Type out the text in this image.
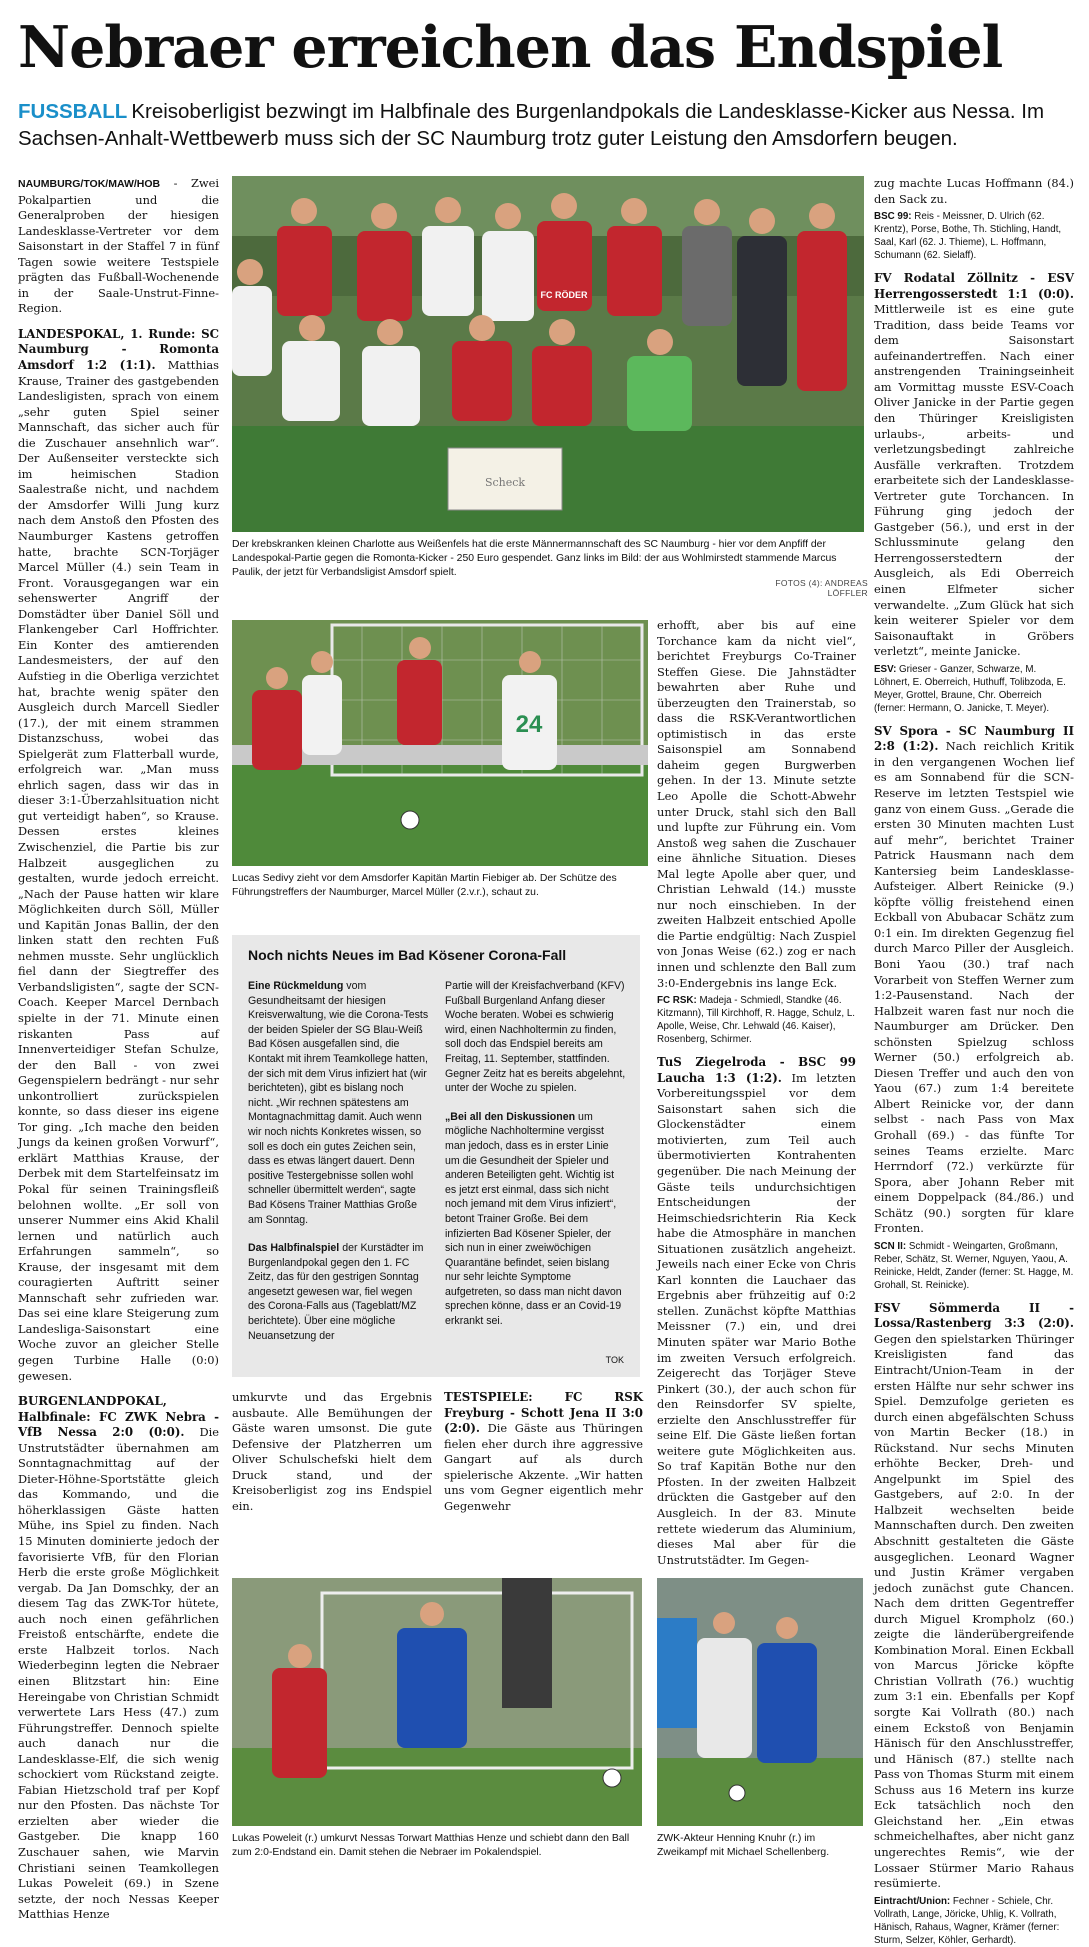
Nebraer erreichen das Endspiel

FUSSBALL Kreisoberligist bezwingt im Halbfinale des Burgenlandpokals die Landesklasse-Kicker aus Nessa. Im Sachsen-Anhalt-Wettbewerb muss sich der SC Naumburg trotz guter Leistung den Amsdorfern beugen.

NAUMBURG/TOK/MAW/HOB - Zwei Pokalpartien und die Generalproben der hiesigen Landesklasse-Vertreter vor dem Saisonstart in der Staffel 7 in fünf Tagen sowie weitere Testspiele prägten das Fußball-Wochenende in der Saale-Unstrut-Finne-Region.

LANDESPOKAL, 1. Runde: SC Naumburg - Romonta Amsdorf 1:2 (1:1). Matthias Krause, Trainer des gastgebenden Landesligisten, sprach von einem „sehr guten Spiel seiner Mannschaft, das sicher auch für die Zuschauer ansehnlich war“. Der Außenseiter versteckte sich im heimischen Stadion Saalestraße nicht, und nachdem der Amsdorfer Willi Jung kurz nach dem Anstoß den Pfosten des Naumburger Kastens getroffen hatte, brachte SCN-Torjäger Marcel Müller (4.) sein Team in Front. Vorausgegangen war ein sehenswerter Angriff der Domstädter über Daniel Söll und Flankengeber Carl Hoffrichter. Ein Konter des amtierenden Landesmeisters, der auf den Aufstieg in die Oberliga verzichtet hat, brachte wenig später den Ausgleich durch Marcell Siedler (17.), der mit einem strammen Distanzschuss, wobei das Spielgerät zum Flatterball wurde, erfolgreich war. „Man muss ehrlich sagen, dass wir das in dieser 3:1-Überzahlsituation nicht gut verteidigt haben“, so Krause. Dessen erstes kleines Zwischenziel, die Partie bis zur Halbzeit ausgeglichen zu gestalten, wurde jedoch erreicht. „Nach der Pause hatten wir klare Möglichkeiten durch Söll, Müller und Kapitän Jonas Ballin, der den linken statt den rechten Fuß nehmen musste. Sehr unglücklich fiel dann der Siegtreffer des Verbandsligisten“, sagte der SCN-Coach. Keeper Marcel Dernbach spielte in der 71. Minute einen riskanten Pass auf Innenverteidiger Stefan Schulze, der den Ball - von zwei Gegenspielern bedrängt - nur sehr unkontrolliert zurückspielen konnte, so dass dieser ins eigene Tor ging. „Ich mache den beiden Jungs da keinen großen Vorwurf“, erklärt Matthias Krause, der Derbek mit dem Startelfeinsatz im Pokal für seinen Trainingsfleiß belohnen wollte. „Er soll von unserer Nummer eins Akid Khalil lernen und natürlich auch Erfahrungen sammeln“, so Krause, der insgesamt mit dem couragierten Auftritt seiner Mannschaft sehr zufrieden war. Das sei eine klare Steigerung zum Landesliga-Saisonstart eine Woche zuvor an gleicher Stelle gegen Turbine Halle (0:0) gewesen.

BURGENLANDPOKAL, Halbfinale: FC ZWK Nebra - VfB Nessa 2:0 (0:0). Die Unstrutstädter übernahmen am Sonntagnachmittag auf der Dieter-Höhne-Sportstätte gleich das Kommando, und die höherklassigen Gäste hatten Mühe, ins Spiel zu finden. Nach 15 Minuten dominierte jedoch der favorisierte VfB, für den Florian Herb die erste große Möglichkeit vergab. Da Jan Domschky, der an diesem Tag das ZWK-Tor hütete, auch noch einen gefährlichen Freistoß entschärfte, endete die erste Halbzeit torlos. Nach Wiederbeginn legten die Nebraer einen Blitzstart hin: Eine Hereingabe von Christian Schmidt verwertete Lars Hess (47.) zum Führungstreffer. Dennoch spielte auch danach nur die Landesklasse-Elf, die sich wenig schockiert vom Rückstand zeigte. Fabian Hietzschold traf per Kopf nur den Pfosten. Das nächste Tor erzielten aber wieder die Gastgeber. Die knapp 160 Zuschauer sahen, wie Marvin Christiani seinen Teamkollegen Lukas Poweleit (69.) in Szene setzte, der noch Nessas Keeper Matthias Henze

Scheck
FC RÖDER
Der krebskranken kleinen Charlotte aus Weißenfels hat die erste Männermannschaft des SC Naumburg - hier vor dem Anpfiff der Landespokal-Partie gegen die Romonta-Kicker - 250 Euro gespendet. Ganz links im Bild: der aus Wohlmirstedt stammende Marcus Paulik, der jetzt für Verbandsligist Amsdorf spielt.
FOTOS (4): ANDREAS LÖFFLER
24
Lucas Sedivy zieht vor dem Amsdorfer Kapitän Martin Fiebiger ab. Der Schütze des Führungstreffers der Naumburger, Marcel Müller (2.v.r.), schaut zu.
Noch nichts Neues im Bad Kösener Corona-Fall

Eine Rückmeldung vom Gesundheitsamt der hiesigen Kreisverwaltung, wie die Corona-Tests der beiden Spieler der SG Blau-Weiß Bad Kösen ausgefallen sind, die Kontakt mit ihrem Teamkollege hatten, der sich mit dem Virus infiziert hat (wir berichteten), gibt es bislang noch nicht. „Wir rechnen spätestens am Montagnachmittag damit. Auch wenn wir noch nichts Konkretes wissen, so soll es doch ein gutes Zeichen sein, dass es etwas längert dauert. Denn positive Testergebnisse sollen wohl schneller übermittelt werden“, sagte Bad Kösens Trainer Matthias Große am Sonntag.

Das Halbfinalspiel der Kurstädter im Burgenlandpokal gegen den 1. FC Zeitz, das für den gestrigen Sonntag angesetzt gewesen war, fiel wegen des Corona-Falls aus (Tageblatt/MZ berichtete). Über eine mögliche Neuansetzung der

Partie will der Kreisfachverband (KFV) Fußball Burgenland Anfang dieser Woche beraten. Wobei es schwierig wird, einen Nachholtermin zu finden, soll doch das Endspiel bereits am Freitag, 11. September, stattfinden. Gegner Zeitz hat es bereits abgelehnt, unter der Woche zu spielen.

„Bei all den Diskussionen um mögliche Nachholtermine vergisst man jedoch, dass es in erster Linie um die Gesundheit der Spieler und anderen Beteiligten geht. Wichtig ist es jetzt erst einmal, dass sich nicht noch jemand mit dem Virus infiziert“, betont Trainer Große. Bei dem infizierten Bad Kösener Spieler, der sich nun in einer zweiwöchigen Quarantäne befindet, seien bislang nur sehr leichte Symptome aufgetreten, so dass man nicht davon sprechen könne, dass er an Covid-19 erkrankt sei.

TOK

umkurvte und das Ergebnis ausbaute. Alle Bemühungen der Gäste waren umsonst. Die gute Defensive der Platzherren um Oliver Schulschefski hielt dem Druck stand, und der Kreisoberligist zog ins Endspiel ein.

erhofft, aber bis auf eine Torchance kam da nicht viel“, berichtet Freyburgs Co-Trainer Steffen Giese. Die Jahnstädter bewahrten aber Ruhe und überzeugten den Trainerstab, so dass die RSK-Verantwortlichen optimistisch in das erste Saisonspiel am Sonnabend daheim gegen Burgwerben gehen. In der 13. Minute setzte Leo Apolle die Schott-Abwehr unter Druck, stahl sich den Ball und lupfte zur Führung ein. Vom Anstoß weg sahen die Zuschauer eine ähnliche Situation. Dieses Mal legte Apolle aber quer, und Christian Lehwald (14.) musste nur noch einschieben. In der zweiten Halbzeit entschied Apolle die Partie endgültig: Nach Zuspiel von Jonas Weise (62.) zog er nach innen und schlenzte den Ball zum 3:0-Endergebnis ins lange Eck.

FC RSK: Madeja - Schmiedl, Standke (46. Kitzmann), Till Kirchhoff, R. Hagge, Schulz, L. Apolle, Weise, Chr. Lehwald (46. Kaiser), Rosenberg, Schirmer.

TuS Ziegelroda - BSC 99 Laucha 1:3 (1:2). Im letzten Vorbereitungsspiel vor dem Saisonstart sahen sich die Glockenstädter einem motivierten, zum Teil auch übermotivierten Kontrahenten gegenüber. Die nach Meinung der Gäste teils undurchsichtigen Entscheidungen der Heimschiedsrichterin Ria Keck habe die Atmosphäre in manchen Situationen zusätzlich angeheizt. Jeweils nach einer Ecke von Chris Karl konnten die Lauchaer das Ergebnis aber frühzeitig auf 0:2 stellen. Zunächst köpfte Matthias Meissner (7.) ein, und drei Minuten später war Mario Bothe im zweiten Versuch erfolgreich. Zeigerecht das Torjäger Steve Pinkert (30.), der auch schon für den Reinsdorfer SV spielte, erzielte den Anschlusstreffer für seine Elf. Die Gäste ließen fortan weitere gute Möglichkeiten aus. So traf Kapitän Bothe nur den Pfosten. In der zweiten Halbzeit drückten die Gastgeber auf den Ausgleich. In der 83. Minute rettete wiederum das Aluminium, dieses Mal aber für die Unstrutstädter. Im Gegen-

TESTSPIELE: FC RSK Freyburg - Schott Jena II 3:0 (2:0). Die Gäste aus Thüringen fielen eher durch ihre aggressive Gangart auf als durch spielerische Akzente. „Wir hatten uns vom Gegner eigentlich mehr Gegenwehr

Lukas Poweleit (r.) umkurvt Nessas Torwart Matthias Henze und schiebt dann den Ball zum 2:0-Endstand ein. Damit stehen die Nebraer im Pokalendspiel.
ZWK-Akteur Henning Knuhr (r.) im Zweikampf mit Michael Schellenberg.

zug machte Lucas Hoffmann (84.) den Sack zu.

BSC 99: Reis - Meissner, D. Ulrich (62. Krentz), Porse, Bothe, Th. Stichling, Handt, Saal, Karl (62. J. Thieme), L. Hoffmann, Schumann (62. Sielaff).

FV Rodatal Zöllnitz - ESV Herrengosserstedt 1:1 (0:0). Mittlerweile ist es eine gute Tradition, dass beide Teams vor dem Saisonstart aufeinandertreffen. Nach einer anstrengenden Trainingseinheit am Vormittag musste ESV-Coach Oliver Janicke in der Partie gegen den Thüringer Kreisligisten urlaubs-, arbeits- und verletzungsbedingt zahlreiche Ausfälle verkraften. Trotzdem erarbeitete sich der Landesklasse-Vertreter gute Torchancen. In Führung ging jedoch der Gastgeber (56.), und erst in der Schlussminute gelang den Herrengosserstedtern der Ausgleich, als Edi Oberreich einen Elfmeter sicher verwandelte. „Zum Glück hat sich kein weiterer Spieler vor dem Saisonauftakt in Gröbers verletzt“, meinte Janicke.

ESV: Grieser - Ganzer, Schwarze, M. Löhnert, E. Oberreich, Huthuff, Tolibzoda, E. Meyer, Grottel, Braune, Chr. Oberreich (ferner: Hermann, O. Janicke, T. Meyer).

SV Spora - SC Naumburg II 2:8 (1:2). Nach reichlich Kritik in den vergangenen Wochen lief es am Sonnabend für die SCN-Reserve im letzten Testspiel wie ganz von einem Guss. „Gerade die ersten 30 Minuten machten Lust auf mehr“, berichtet Trainer Patrick Hausmann nach dem Kantersieg beim Landesklasse-Aufsteiger. Albert Reinicke (9.) köpfte völlig freistehend einen Eckball von Abubacar Schätz zum 0:1 ein. Im direkten Gegenzug fiel durch Marco Piller der Ausgleich. Boni Yaou (30.) traf nach Vorarbeit von Steffen Werner zum 1:2-Pausenstand. Nach der Halbzeit waren fast nur noch die Naumburger am Drücker. Den schönsten Spielzug schloss Werner (50.) erfolgreich ab. Diesen Treffer und auch den von Yaou (67.) zum 1:4 bereitete Albert Reinicke vor, der dann selbst - nach Pass von Max Grohall (69.) - das fünfte Tor seines Teams erzielte. Marc Herrndorf (72.) verkürzte für Spora, aber Johann Reber mit einem Doppelpack (84./86.) und Schätz (90.) sorgten für klare Fronten.

SCN II: Schmidt - Weingarten, Großmann, Reber, Schätz, St. Werner, Nguyen, Yaou, A. Reinicke, Heldt, Zander (ferner: St. Hagge, M. Grohall, St. Reinicke).

FSV Sömmerda II - Lossa/Rastenberg 3:3 (2:0). Gegen den spielstarken Thüringer Kreisligisten fand das Eintracht/Union-Team in der ersten Hälfte nur sehr schwer ins Spiel. Demzufolge gerieten es durch einen abgefälschten Schuss von Martin Becker (18.) in Rückstand. Nur sechs Minuten erhöhte Becker, Dreh- und Angelpunkt im Spiel des Gastgebers, auf 2:0. In der Halbzeit wechselten beide Mannschaften durch. Den zweiten Abschnitt gestalteten die Gäste ausgeglichen. Leonard Wagner und Justin Krämer vergaben jedoch zunächst gute Chancen. Nach dem dritten Gegentreffer durch Miguel Krompholz (60.) zeigte die länderübergreifende Kombination Moral. Einen Eckball von Marcus Jöricke köpfte Christian Vollrath (76.) wuchtig zum 3:1 ein. Ebenfalls per Kopf sorgte Kai Vollrath (80.) nach einem Eckstoß von Benjamin Hänisch für den Anschlusstreffer, und Hänisch (87.) stellte nach Pass von Thomas Sturm mit einem Schuss aus 16 Metern ins kurze Eck tatsächlich noch den Gleichstand her. „Ein etwas schmeichelhaftes, aber nicht ganz ungerechtes Remis“, wie der Lossaer Stürmer Mario Rahaus resümierte.

Eintracht/Union: Fechner - Schiele, Chr. Vollrath, Lange, Jöricke, Uhlig, K. Vollrath, Hänisch, Rahaus, Wagner, Krämer (ferner: Sturm, Selzer, Köhler, Gerhardt).
